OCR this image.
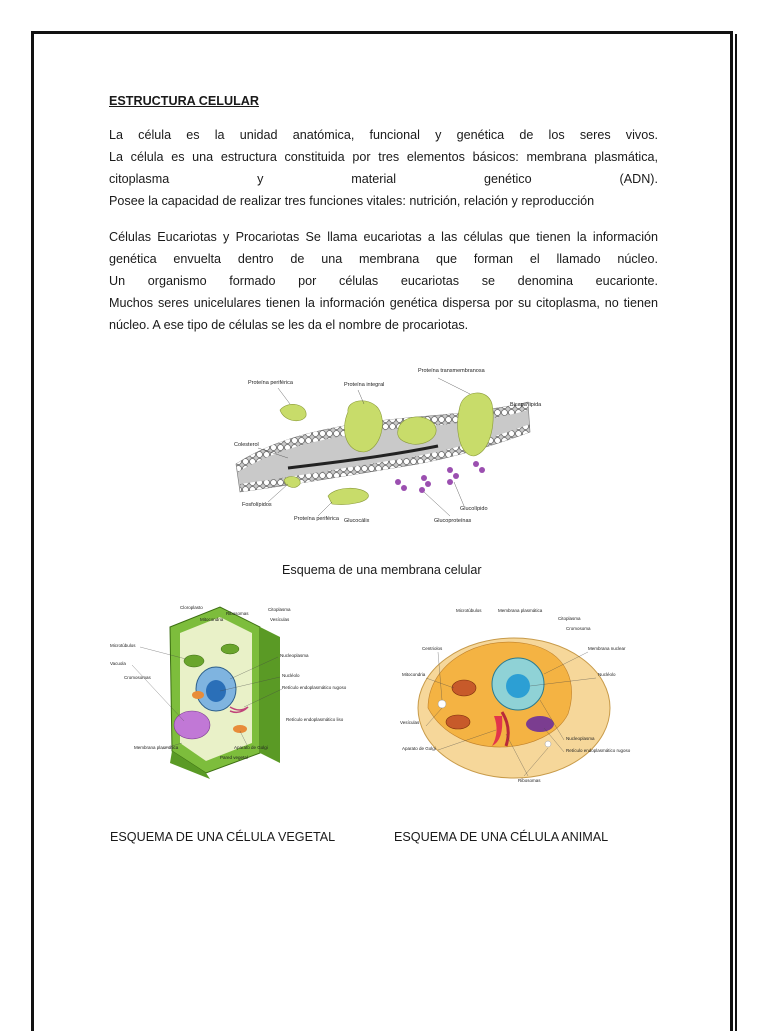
ESTRUCTURA CELULAR
La célula es la unidad anatómica, funcional y genética de los seres vivos.
La célula es una estructura constituida por tres elementos básicos: membrana plasmática,
citoplasma y material genético (ADN).
Posee la capacidad de realizar tres funciones vitales: nutrición, relación y reproducción
Células Eucariotas y Procariotas Se llama eucariotas a las células que tienen la información
genética envuelta dentro de una membrana que forman el llamado núcleo.
Un organismo formado por células eucariotas se denomina eucarionte.
Muchos seres unicelulares tienen la información genética dispersa por su citoplasma, no tienen
núcleo. A ese tipo de células se les da el nombre de procariotas.
Proteína periférica	Proteína integral
Proteína transmembranosa
Bicapa lipida
Colesterol
Fosfolípidos
Proteína periférica Glucocálix
Glucolípido
Glucoproteínas
Esquema de una membrana celular
Cloroplasto
Ribosomas
Citoplasma
Mitocondria	Vesículas
Microtúbulos
Nucleoplasma
Vacuola
Nucléolo
Cromosomas
Retículo endoplasmático rugoso
Retículo endoplasmático liso
Membrana plasmática	Aparato de Golgi
Pared vegetal
Microtúbulos	Membrana plasmática
Citoplasma
Cromosoma
Centriolos	Membrana nuclear
Mitocondria	Nucléolo
Vesículas
Nucleoplasma
Aparato de Golgi	Retículo endoplasmático rugoso
Ribosomas
ESQUEMA DE UNA CÉLULA VEGETAL	ESQUEMA DE UNA CÉLULA ANIMAL
